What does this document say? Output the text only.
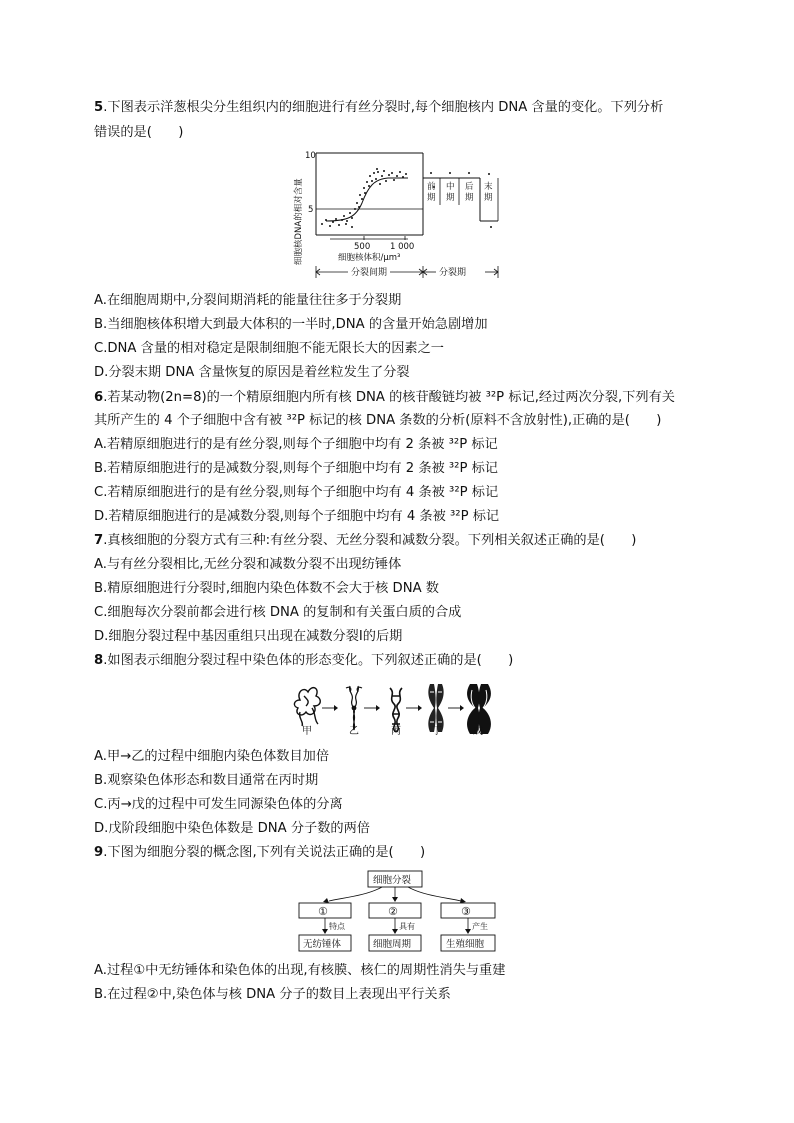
5.下图表示洋葱根尖分生组织内的细胞进行有丝分裂时,每个细胞核内 DNA 含量的变化。下列分析
错误的是(　　)
细胞核DNA的相对含量
10
5
500 1 000
细胞核体积/μm³
前期
中期
后期
末期
分裂间期	分裂期
A.在细胞周期中,分裂间期消耗的能量往往多于分裂期
B.当细胞核体积增大到最大体积的一半时,DNA 的含量开始急剧增加
C.DNA 含量的相对稳定是限制细胞不能无限长大的因素之一
D.分裂末期 DNA 含量恢复的原因是着丝粒发生了分裂
6.若某动物(2n=8)的一个精原细胞内所有核 DNA 的核苷酸链均被 ³²P 标记,经过两次分裂,下列有关
其所产生的 4 个子细胞中含有被 ³²P 标记的核 DNA 条数的分析(原料不含放射性),正确的是(　　)
A.若精原细胞进行的是有丝分裂,则每个子细胞中均有 2 条被 ³²P 标记
B.若精原细胞进行的是减数分裂,则每个子细胞中均有 2 条被 ³²P 标记
C.若精原细胞进行的是有丝分裂,则每个子细胞中均有 4 条被 ³²P 标记
D.若精原细胞进行的是减数分裂,则每个子细胞中均有 4 条被 ³²P 标记
7.真核细胞的分裂方式有三种:有丝分裂、无丝分裂和减数分裂。下列相关叙述正确的是(　　)
A.与有丝分裂相比,无丝分裂和减数分裂不出现纺锤体
B.精原细胞进行分裂时,细胞内染色体数不会大于核 DNA 数
C.细胞每次分裂前都会进行核 DNA 的复制和有关蛋白质的合成
D.细胞分裂过程中基因重组只出现在减数分裂Ⅰ的后期
8.如图表示细胞分裂过程中染色体的形态变化。下列叙述正确的是(　　)
甲	乙	丙	丁	戊
A.甲→乙的过程中细胞内染色体数目加倍
B.观察染色体形态和数目通常在丙时期
C.丙→戊的过程中可发生同源染色体的分离
D.戊阶段细胞中染色体数是 DNA 分子数的两倍
9.下图为细胞分裂的概念图,下列有关说法正确的是(　　)
细胞分裂
①	②	③
特点	具有	产生
无纺锤体	细胞周期	生殖细胞
A.过程①中无纺锤体和染色体的出现,有核膜、核仁的周期性消失与重建
B.在过程②中,染色体与核 DNA 分子的数目上表现出平行关系
